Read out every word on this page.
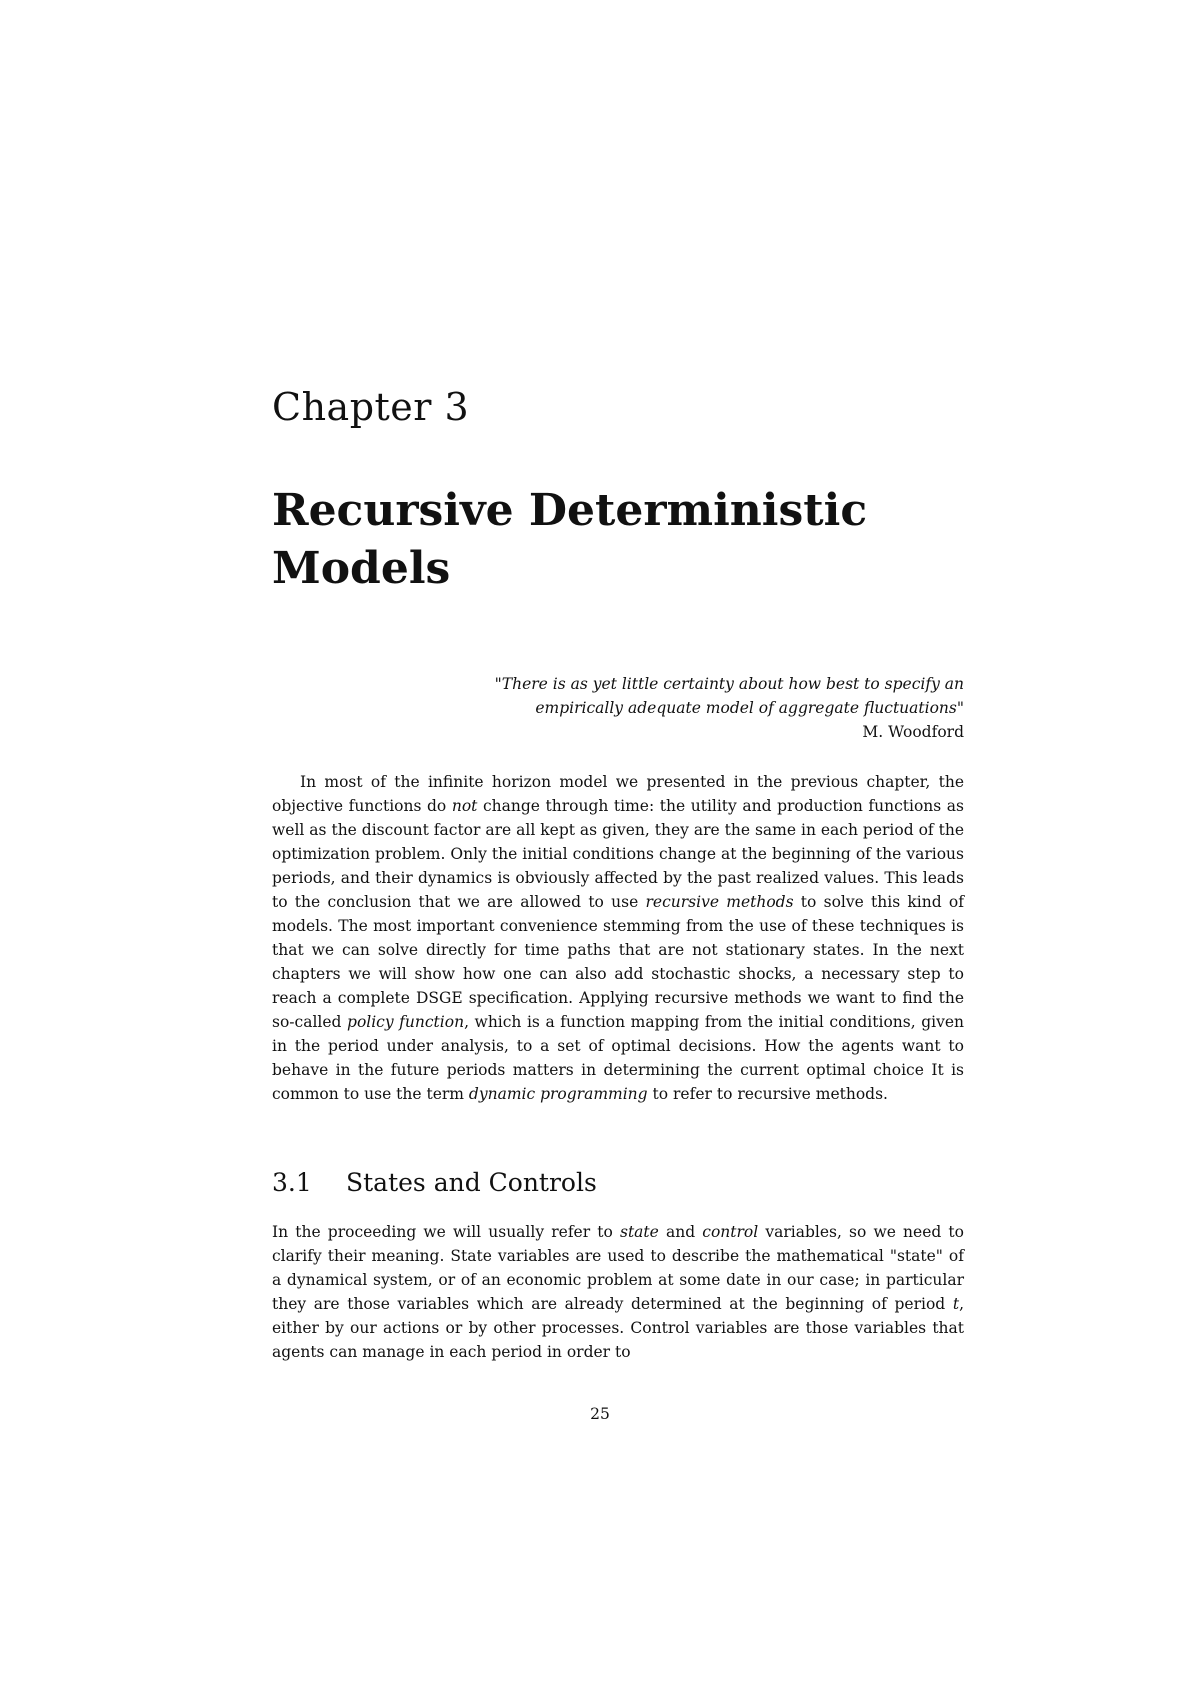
Chapter 3
Recursive Deterministic
Models
"There is as yet little certainty about how best to specify an
empirically adequate model of aggregate fluctuations"
M. Woodford

In most of the infinite horizon model we presented in the previous chapter, the objective functions do not change through time: the utility and production functions as well as the discount factor are all kept as given, they are the same in each period of the optimization problem. Only the initial conditions change at the beginning of the various periods, and their dynamics is obviously affected by the past realized values. This leads to the conclusion that we are allowed to use recursive methods to solve this kind of models. The most important convenience stemming from the use of these techniques is that we can solve directly for time paths that are not stationary states. In the next chapters we will show how one can also add stochastic shocks, a necessary step to reach a complete DSGE specification. Applying recursive methods we want to find the so-called policy function, which is a function mapping from the initial conditions, given in the period under analysis, to a set of optimal decisions. How the agents want to behave in the future periods matters in determining the current optimal choice It is common to use the term dynamic programming to refer to recursive methods.

3.1 States and Controls

In the proceeding we will usually refer to state and control variables, so we need to clarify their meaning. State variables are used to describe the mathematical "state" of a dynamical system, or of an economic problem at some date in our case; in particular they are those variables which are already determined at the beginning of period t, either by our actions or by other processes. Control variables are those variables that agents can manage in each period in order to

25
